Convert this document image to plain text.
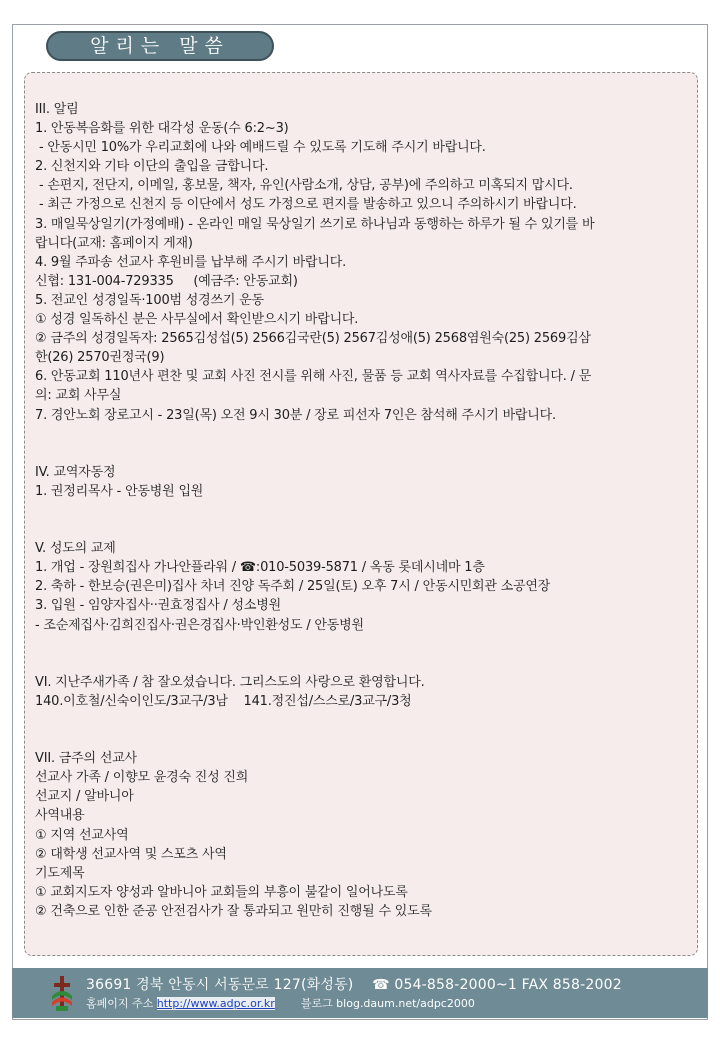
알리는 말씀

III. 알림

1. 안동복음화를 위한 대각성 운동(수 6:2~3)

- 안동시민 10%가 우리교회에 나와 예배드릴 수 있도록 기도해 주시기 바랍니다.

2. 신천지와 기타 이단의 출입을 금합니다.

- 손편지, 전단지, 이메일, 홍보물, 책자, 유인(사람소개, 상담, 공부)에 주의하고 미혹되지 맙시다.

- 최근 가정으로 신천지 등 이단에서 성도 가정으로 편지를 발송하고 있으니 주의하시기 바랍니다.

3. 매일묵상일기(가정예배) - 온라인 매일 묵상일기 쓰기로 하나님과 동행하는 하루가 될 수 있기를 바

랍니다(교재: 홈페이지 게재)

4. 9월 주파송 선교사 후원비를 납부해 주시기 바랍니다.

신협: 131-004-729335     (예금주: 안동교회)

5. 전교인 성경일독·100범 성경쓰기 운동

① 성경 일독하신 분은 사무실에서 확인받으시기 바랍니다.

② 금주의 성경일독자: 2565김성섭(5) 2566김국란(5) 2567김성애(5) 2568염원숙(25) 2569김삼

한(26) 2570권정국(9)

6. 안동교회 110년사 편찬 및 교회 사진 전시를 위해 사진, 물품 등 교회 역사자료를 수집합니다. / 문

의: 교회 사무실

7. 경안노회 장로고시 - 23일(목) 오전 9시 30분 / 장로 피선자 7인은 참석해 주시기 바랍니다.

IV. 교역자동정

1. 권정리목사 - 안동병원 입원

V. 성도의 교제

1. 개업 - 장원희집사 가나안플라워 / ☎:010-5039-5871 / 옥동 롯데시네마 1층

2. 축하 - 한보승(권은미)집사 차녀 진양 독주회 / 25일(토) 오후 7시 / 안동시민회관 소공연장

3. 입원 - 임양자집사··권효정집사 / 성소병원

- 조순제집사·김희진집사·권은경집사·박인환성도 / 안동병원

VI. 지난주새가족 / 참 잘오셨습니다. 그리스도의 사랑으로 환영합니다.

140.이호철/신숙이인도/3교구/3남    141.정진섭/스스로/3교구/3청

VII. 금주의 선교사

선교사 가족 / 이향모 윤경숙 진성 진희

선교지 / 알바니아

사역내용

① 지역 선교사역

② 대학생 선교사역 및 스포츠 사역

기도제목

① 교회지도자 양성과 알바니아 교회들의 부흥이 불같이 일어나도록

② 건축으로 인한 준공 안전검사가 잘 통과되고 원만히 진행될 수 있도록

36691 경북 안동시 서동문로 127(화성동)    ☎ 054-858-2000~1 FAX 858-2002
홈페이지 주소 http://www.adpc.or.kr 블로그 blog.daum.net/adpc2000
